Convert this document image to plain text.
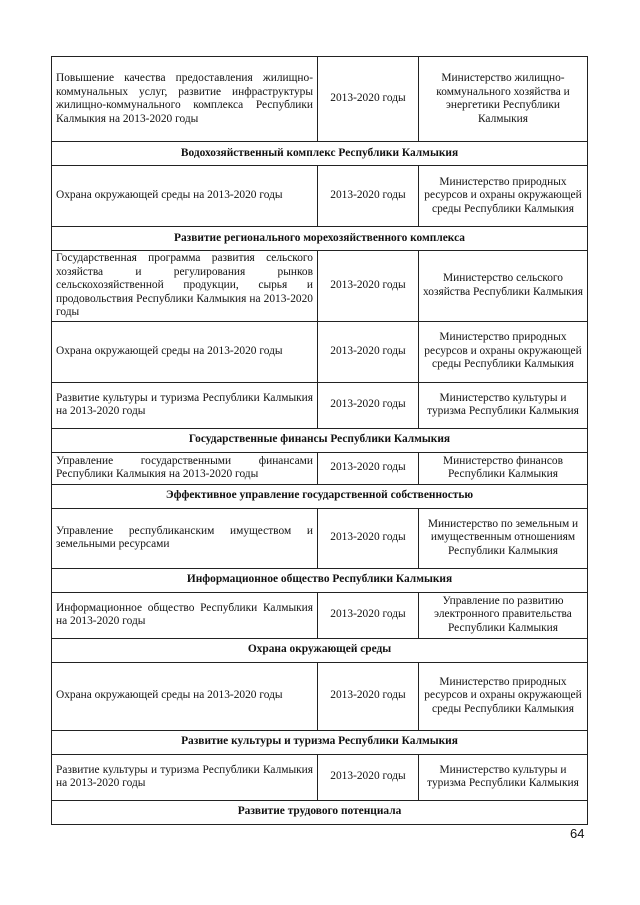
Повышение качества предоставления жилищно-коммунальных услуг, развитие инфраструктуры жилищно-коммунального комплекса Республики Калмыкия на 2013-2020 годы	2013-2020 годы	Министерство жилищно-коммунального хозяйства и энергетики Республики Калмыкия
Водохозяйственный комплекс Республики Калмыкия		
Охрана окружающей среды на 2013-2020 годы	2013-2020 годы	Министерство природных ресурсов и охраны окружающей среды Республики Калмыкия
Развитие регионального морехозяйственного комплекса		
Государственная программа развития сельского хозяйства и регулирования рынков сельскохозяйственной продукции, сырья и продовольствия Республики Калмыкия на 2013-2020 годы	2013-2020 годы	Министерство сельского хозяйства Республики Калмыкия
Охрана окружающей среды на 2013-2020 годы	2013-2020 годы	Министерство природных ресурсов и охраны окружающей среды Республики Калмыкия
Развитие культуры и туризма Республики Калмыкия на 2013-2020 годы	2013-2020 годы	Министерство культуры и туризма Республики Калмыкия
Государственные финансы Республики Калмыкия		
Управление государственными финансами Республики Калмыкия на 2013-2020 годы	2013-2020 годы	Министерство финансов Республики Калмыкия
Эффективное управление государственной собственностью		
Управление республиканским имуществом и земельными ресурсами	2013-2020 годы	Министерство по земельным и имущественным отношениям Республики Калмыкия
Информационное общество Республики Калмыкия		
Информационное общество Республики Калмыкия на 2013-2020 годы	2013-2020 годы	Управление по развитию электронного правительства Республики Калмыкия
Охрана окружающей среды		
Охрана окружающей среды на 2013-2020 годы	2013-2020 годы	Министерство природных ресурсов и охраны окружающей среды Республики Калмыкия
Развитие культуры и туризма Республики Калмыкия		
Развитие культуры и туризма Республики Калмыкия на 2013-2020 годы	2013-2020 годы	Министерство культуры и туризма Республики Калмыкия
Развитие трудового потенциала		
64
